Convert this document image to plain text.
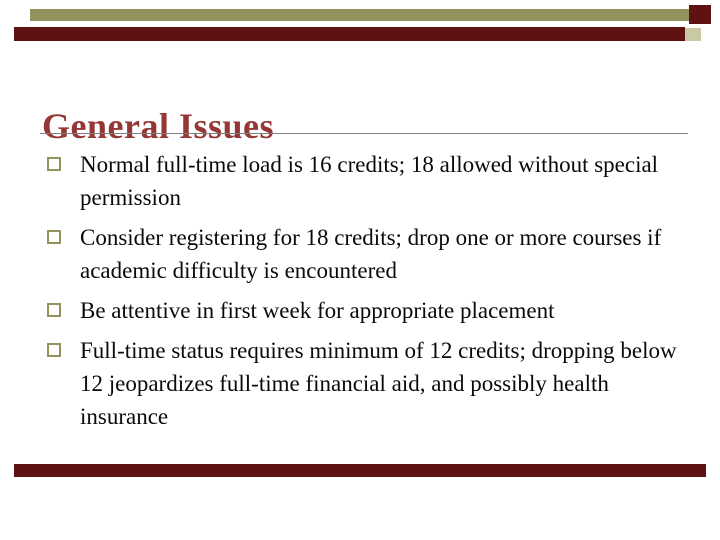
General Issues
Normal full-time load is 16 credits; 18 allowed without special permission
Consider registering for 18 credits; drop one or more courses if academic difficulty is encountered
Be attentive in first week for appropriate placement
Full-time status requires minimum of 12 credits; dropping below 12 jeopardizes full-time financial aid, and possibly health insurance
